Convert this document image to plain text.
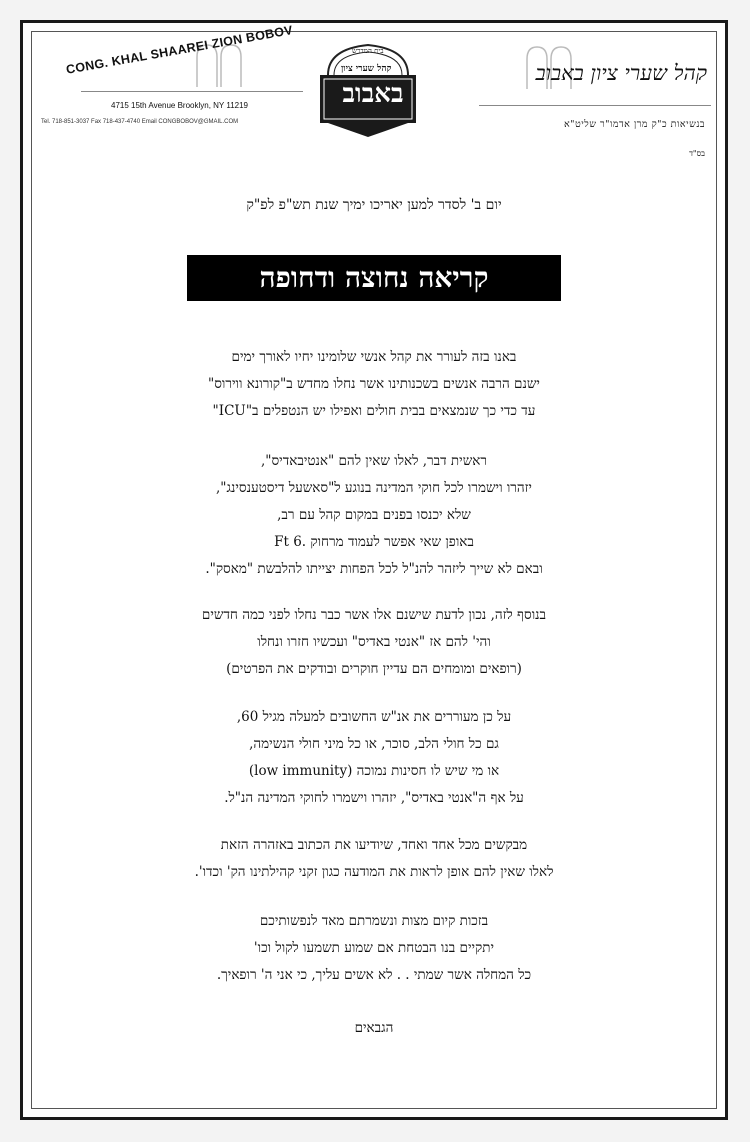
CONG. KHAL SHAAREI ZION BOBOV
4715 15th Avenue Brooklyn, NY 11219
Tel. 718-851-3037 Fax 718-437-4740 Email CONGBOBOV@GMAIL.COM
בית המדרש
קהל שערי ציון
באבוב
קהל שערי ציון באבוב
בנשיאות כ"ק מרן אדמו"ר שליט"א
בס"ד
יום ב' לסדר למען יאריכו ימיך שנת תש"פ לפ"ק
קריאה נחוצה ודחופה
באנו בזה לעורר את קהל אנשי שלומינו יחיו לאורך ימים
ישנם הרבה אנשים בשכנותינו אשר נחלו מחדש ב"קורונא ווירוס"
עד כדי כך שנמצאים בבית חולים ואפילו יש הנטפלים ב"ICU"
ראשית דבר, לאלו שאין להם "אנטיבאדיס",
יזהרו וישמרו לכל חוקי המדינה בנוגע ל"סאשעל דיסטענסינג",
שלא יכנסו בפנים במקום קהל עם רב,
באופן שאי אפשר לעמוד מרחוק .6 Ft
ובאם לא שייך ליזהר להנ"ל לכל הפחות יצייתו להלבשת "מאסק".
בנוסף לזה, נכון לדעת שישנם אלו אשר כבר נחלו לפני כמה חדשים
והי' להם אז "אנטי באדיס" ועכשיו חזרו ונחלו
(רופאים ומומחים הם עדיין חוקרים ובודקים את הפרטים)
על כן מעוררים את אנ"ש החשובים למעלה מגיל 60,
גם כל חולי הלב, סוכר, או כל מיני חולי הנשימה,
או מי שיש לו חסינות נמוכה (low immunity)
על אף ה"אנטי באדיס", יזהרו וישמרו לחוקי המדינה הנ"ל.
מבקשים מכל אחד ואחד, שיודיעו את הכתוב באזהרה הזאת
לאלו שאין להם אופן לראות את המודעה כגון זקני קהילתינו הק' וכדו'.
בזכות קיום מצות ונשמרתם מאד לנפשותיכם
יתקיים בנו הבטחת אם שמוע תשמעו לקול וכו'
כל המחלה אשר שמתי . . לא אשים עליך, כי אני ה' רופאיך.
הגבאים
